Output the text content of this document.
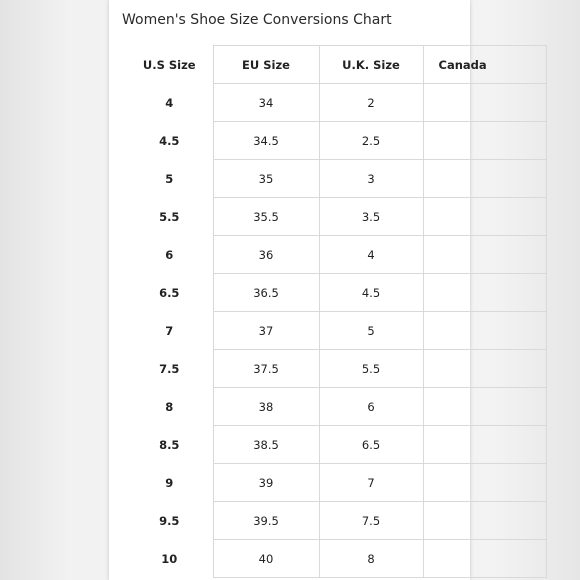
Women's Shoe Size Conversions Chart
U.S Size	EU Size	U.K. Size	Canada
4	34	2	
4.5	34.5	2.5	
5	35	3	
5.5	35.5	3.5	
6	36	4	
6.5	36.5	4.5	
7	37	5	
7.5	37.5	5.5	
8	38	6	
8.5	38.5	6.5	
9	39	7	
9.5	39.5	7.5	
10	40	8	
